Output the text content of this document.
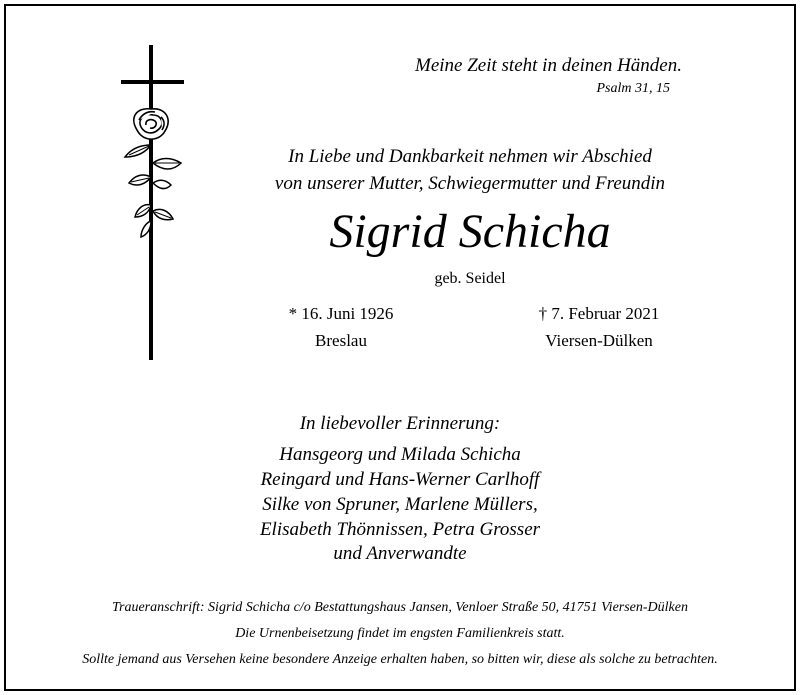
Meine Zeit steht in deinen Händen.
Psalm 31, 15
In Liebe und Dankbarkeit nehmen wir Abschied
von unserer Mutter, Schwiegermutter und Freundin
Sigrid Schicha
geb. Seidel
* 16. Juni 1926
Breslau
† 7. Februar 2021
Viersen-Dülken
In liebevoller Erinnerung:
Hansgeorg und Milada Schicha
Reingard und Hans-Werner Carlhoff
Silke von Spruner, Marlene Müllers,
Elisabeth Thönnissen, Petra Grosser
und Anverwandte
Traueranschrift: Sigrid Schicha c/o Bestattungshaus Jansen, Venloer Straße 50, 41751 Viersen-Dülken
Die Urnenbeisetzung findet im engsten Familienkreis statt.
Sollte jemand aus Versehen keine besondere Anzeige erhalten haben, so bitten wir, diese als solche zu betrachten.
